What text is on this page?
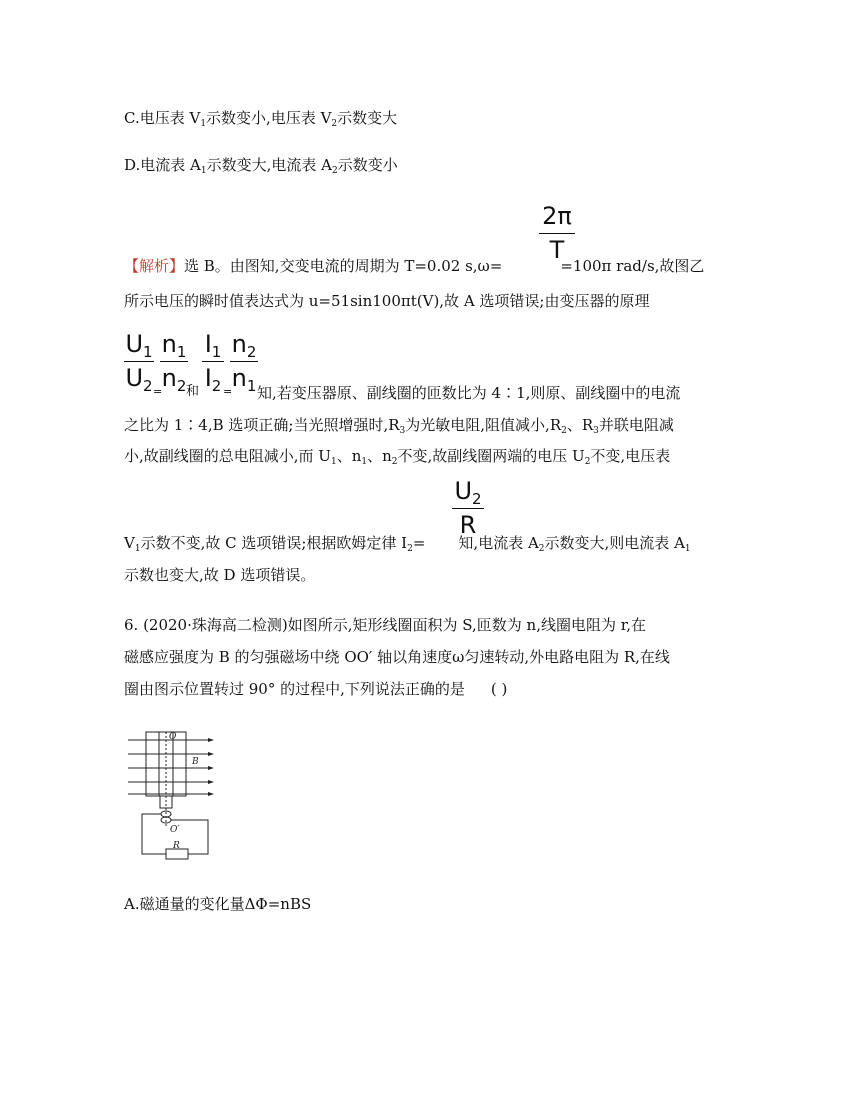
C.电压表 $V_1$示数变小,电压表 $V_2$示数变大
D.电流表 $A_1$示数变大,电流表 $A_2$示数变小
2π
T
【解析】选 B。由图知,交变电流的周期为 T=0.02 s,ω=	=100π rad/s,故图乙
所示电压的瞬时值表达式为 u=51sin100πt(V),故 A 选项错误;由变压器的原理
$U_1$
$U_2$
$n_1$
$n_2$
$I_1$
$I_2$
$n_2$
$n_1$
= 和 = 知,若变压器原、副线圈的匝数比为 4∶1,则原、副线圈中的电流
之比为 1∶4,B 选项正确;当光照增强时$,R_3$为光敏电阻,阻值减小$,R_2$、$R_3$并联电阻减
小,故副线圈的总电阻减小,而 $U_1$、$n_1$、$n_2$不变,故副线圈两端的电压 $U_2$不变,电压表
$U_2$
R
$V_1$示数不变,故 C 选项错误;根据欧姆定律 $I_2=$ 知,电流表 $A_2$示数变大,则电流表 $A_1$
示数也变大,故 D 选项错误。
6. (2020·珠海高二检测)如图所示,矩形线圈面积为 S,匝数为 n,线圈电阻为 r,在
磁感应强度为 B 的匀强磁场中绕 OO′ 轴以角速度ω匀速转动,外电路电阻为 R,在线
圈由图示位置转过 90° 的过程中,下列说法正确的是 ( )
O
B
O′
R
A.磁通量的变化量ΔΦ=nBS
